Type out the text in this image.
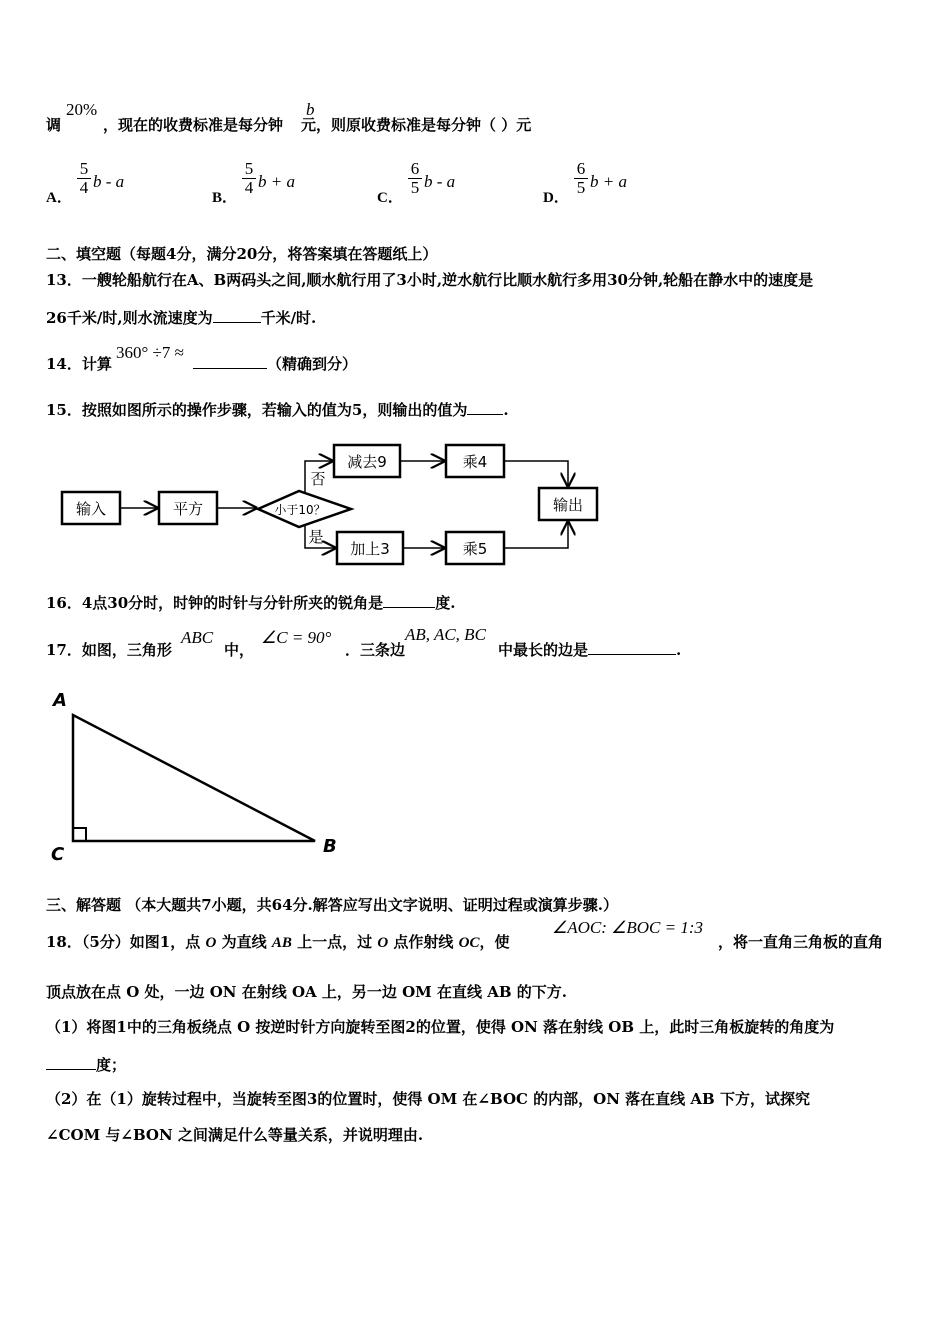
20%
调	，现在的收费标准是每分钟 元，则原收费标准是每分钟（ ）元
b
A．
$\frac{5}{4}$ b - a
B．
$\frac{5}{4}$ b + a
C．
$\frac{6}{5}$ b - a
D．
$\frac{6}{5}$ b + a
二、填空题（每题4分，满分20分，将答案填在答题纸上）
13．一艘轮船航行在A、B两码头之间,顺水航行用了3小时,逆水航行比顺水航行多用30分钟,轮船在静水中的速度是
26千米/时,则水流速度为	千米/时.
14．计算
360° ÷7 ≈
（精确到分）
15．按照如图所示的操作步骤，若输入的值为5，则输出的值为 .
输入	平方	小于10？
减去9	乘4
输出
加上3	乘5
否
是
16．4点30分时，时钟的时针与分针所夹的锐角是	度.
17．如图，三角形
ABC
中，
∠C = 90°
．三条边
AB, AC, BC
中最长的边是	.
A
C	B
三、解答题 （本大题共7小题，共64分.解答应写出文字说明、证明过程或演算步骤.）
18．（5分）如图1，点 O 为直线 AB 上一点，过 O 点作射线 OC，使
∠AOC: ∠BOC = 1:3
，将一直角三角板的直角
顶点放在点 O 处，一边 ON 在射线 OA 上，另一边 OM 在直线 AB 的下方.
（1）将图1中的三角板绕点 O 按逆时针方向旋转至图2的位置，使得 ON 落在射线 OB 上，此时三角板旋转的角度为
度；
（2）在（1）旋转过程中，当旋转至图3的位置时，使得 OM 在∠BOC 的内部，ON 落在直线 AB 下方，试探究
∠COM 与∠BON 之间满足什么等量关系，并说明理由.
